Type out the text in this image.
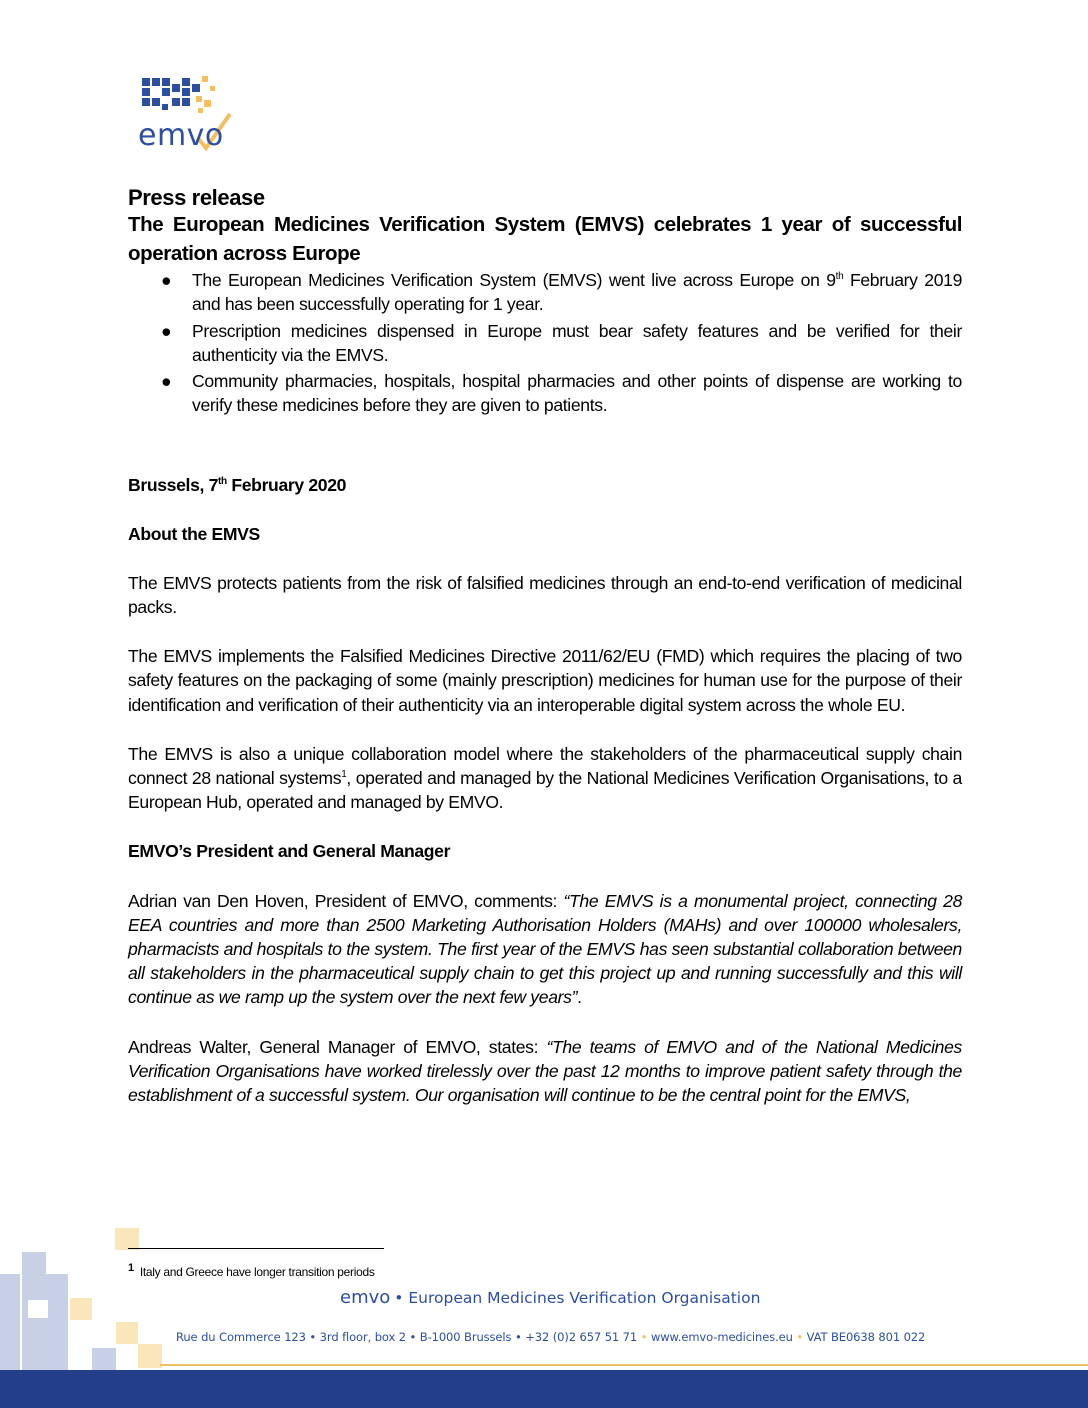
emvo

Press release

The European Medicines Verification System (EMVS) celebrates 1 year of successful operation across Europe

● The European Medicines Verification System (EMVS) went live across Europe on 9th February 2019 and has been successfully operating for 1 year.
● Prescription medicines dispensed in Europe must bear safety features and be verified for their authenticity via the EMVS.
● Community pharmacies, hospitals, hospital pharmacies and other points of dispense are working to verify these medicines before they are given to patients.

Brussels, 7th February 2020

About the EMVS

The EMVS protects patients from the risk of falsified medicines through an end-to-end verification of medicinal packs.

The EMVS implements the Falsified Medicines Directive 2011/62/EU (FMD) which requires the placing of two safety features on the packaging of some (mainly prescription) medicines for human use for the purpose of their identification and verification of their authenticity via an interoperable digital system across the whole EU.

The EMVS is also a unique collaboration model where the stakeholders of the pharmaceutical supply chain connect 28 national systems$^1$, operated and managed by the National Medicines Verification Organisations, to a European Hub, operated and managed by EMVO.

EMVO’s President and General Manager

Adrian van Den Hoven, President of EMVO, comments: “The EMVS is a monumental project, connecting 28 EEA countries and more than 2500 Marketing Authorisation Holders (MAHs) and over 100000 wholesalers, pharmacists and hospitals to the system. The first year of the EMVS has seen substantial collaboration between all stakeholders in the pharmaceutical supply chain to get this project up and running successfully and this will continue as we ramp up the system over the next few years”.

Andreas Walter, General Manager of EMVO, states: “The teams of EMVO and of the National Medicines Verification Organisations have worked tirelessly over the past 12 months to improve patient safety through the establishment of a successful system. Our organisation will continue to be the central point for the EMVS,

1 Italy and Greece have longer transition periods
emvo • European Medicines Verification Organisation
Rue du Commerce 123 • 3rd floor, box 2 • B-1000 Brussels • +32 (0)2 657 51 71 • www.emvo-medicines.eu • VAT BE0638 801 022
